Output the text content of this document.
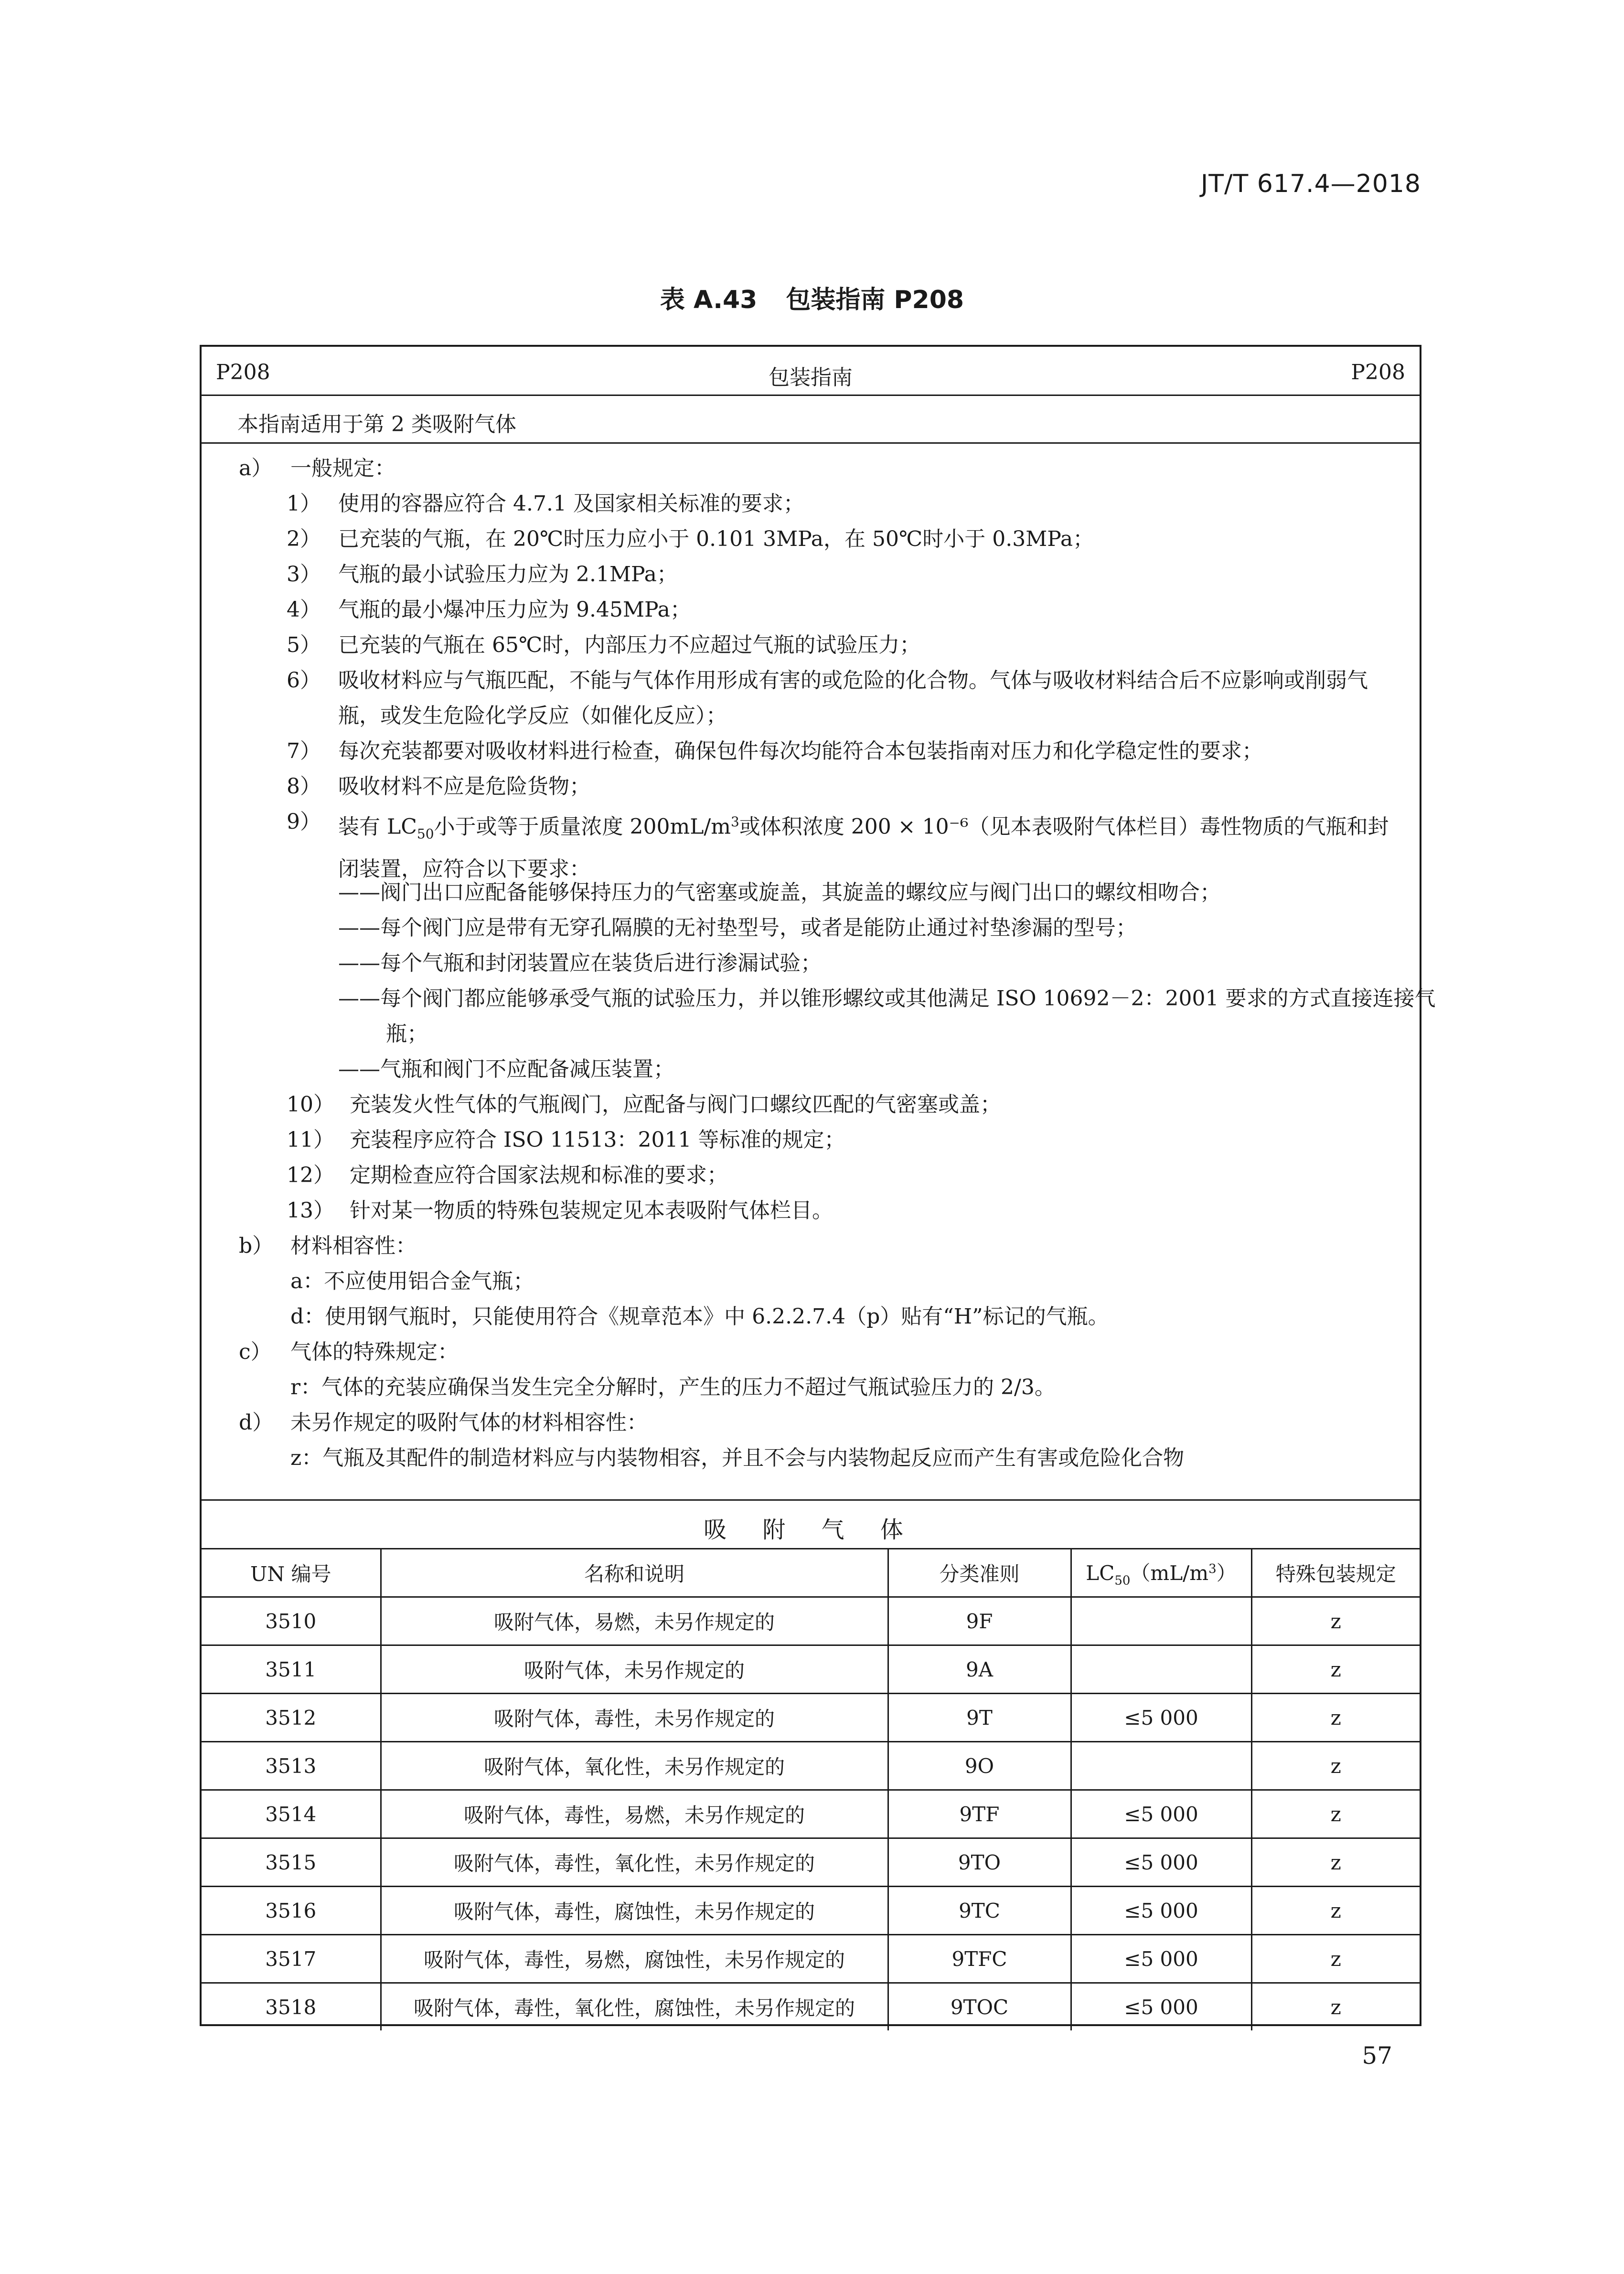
JT/T 617.4—2018
表 A.43 包装指南 P208
P208	包装指南	P208
本指南适用于第 2 类吸附气体
a） 一般规定：
1） 使用的容器应符合 4.7.1 及国家相关标准的要求；
2） 已充装的气瓶，在 20℃时压力应小于 0.101 3MPa，在 50℃时小于 0.3MPa；
3） 气瓶的最小试验压力应为 2.1MPa；
4） 气瓶的最小爆冲压力应为 9.45MPa；
5） 已充装的气瓶在 65℃时，内部压力不应超过气瓶的试验压力；
6） 吸收材料应与气瓶匹配，不能与气体作用形成有害的或危险的化合物。气体与吸收材料结合后不应影响或削弱气瓶，或发生危险化学反应（如催化反应）；
7） 每次充装都要对吸收材料进行检查，确保包件每次均能符合本包装指南对压力和化学稳定性的要求；
8） 吸收材料不应是危险货物；
9） 装有 $LC_{50}$小于或等于质量浓度 $200mL/m^3$或体积浓度 200 × 10⁻⁶（见本表吸附气体栏目）毒性物质的气瓶和封闭装置，应符合以下要求：
——阀门出口应配备能够保持压力的气密塞或旋盖，其旋盖的螺纹应与阀门出口的螺纹相吻合；
——每个阀门应是带有无穿孔隔膜的无衬垫型号，或者是能防止通过衬垫渗漏的型号；
——每个气瓶和封闭装置应在装货后进行渗漏试验；
——每个阀门都应能够承受气瓶的试验压力，并以锥形螺纹或其他满足 ISO 10692－2：2001 要求的方式直接连接气瓶；
——气瓶和阀门不应配备减压装置；
10） 充装发火性气体的气瓶阀门，应配备与阀门口螺纹匹配的气密塞或盖；
11） 充装程序应符合 ISO 11513：2011 等标准的规定；
12） 定期检查应符合国家法规和标准的要求；
13） 针对某一物质的特殊包装规定见本表吸附气体栏目。
b） 材料相容性：
a：不应使用铝合金气瓶；
d：使用钢气瓶时，只能使用符合《规章范本》中 6.2.2.7.4（p）贴有“H”标记的气瓶。
c） 气体的特殊规定：
r：气体的充装应确保当发生完全分解时，产生的压力不超过气瓶试验压力的 2/3。
d） 未另作规定的吸附气体的材料相容性：
z：气瓶及其配件的制造材料应与内装物相容，并且不会与内装物起反应而产生有害或危险化合物
吸 附 气 体
UN 编号	名称和说明	分类准则	$LC_{50}(mL/m^3)$	特殊包装规定
3510	吸附气体，易燃，未另作规定的	9F		z
3511	吸附气体，未另作规定的	9A		z
3512	吸附气体，毒性，未另作规定的	9T	≤5 000	z
3513	吸附气体，氧化性，未另作规定的	9O		z
3514	吸附气体，毒性，易燃，未另作规定的	9TF	≤5 000	z
3515	吸附气体，毒性，氧化性，未另作规定的	9TO	≤5 000	z
3516	吸附气体，毒性，腐蚀性，未另作规定的	9TC	≤5 000	z
3517	吸附气体，毒性，易燃，腐蚀性，未另作规定的	9TFC	≤5 000	z
3518	吸附气体，毒性，氧化性，腐蚀性，未另作规定的	9TOC	≤5 000	z
57
